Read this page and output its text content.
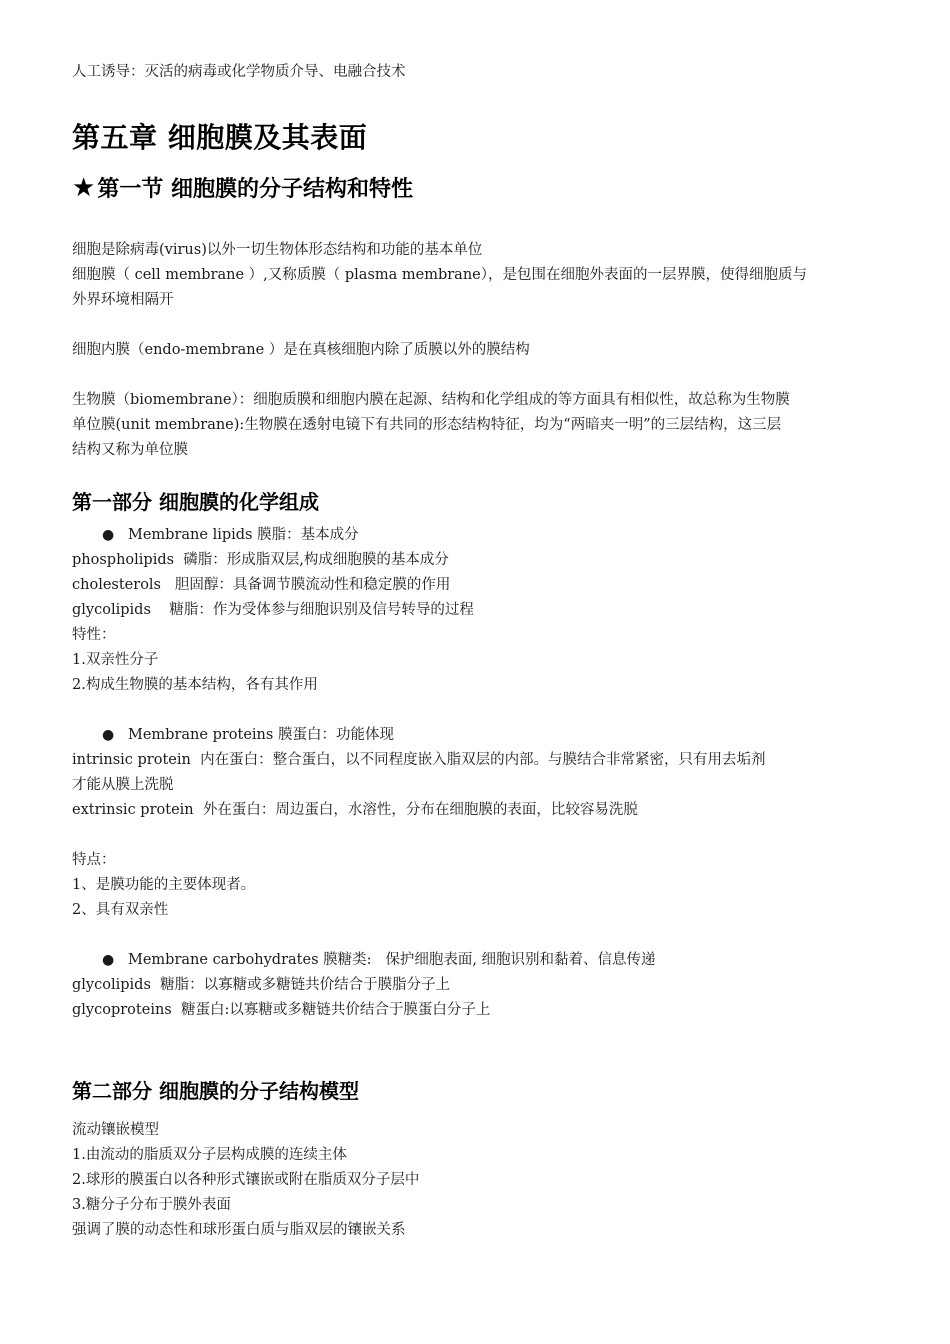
人工诱导：灭活的病毒或化学物质介导、电融合技术
第五章 细胞膜及其表面
★第一节 细胞膜的分子结构和特性
细胞是除病毒(virus)以外一切生物体形态结构和功能的基本单位
细胞膜（ cell membrane ）,又称质膜（ plasma membrane），是包围在细胞外表面的一层界膜，使得细胞质与
外界环境相隔开
细胞内膜（endo-membrane ）是在真核细胞内除了质膜以外的膜结构
生物膜（biomembrane）：细胞质膜和细胞内膜在起源、结构和化学组成的等方面具有相似性，故总称为生物膜
单位膜(unit membrane):生物膜在透射电镜下有共同的形态结构特征，均为“两暗夹一明”的三层结构，这三层
结构又称为单位膜
第一部分 细胞膜的化学组成
● Membrane lipids 膜脂：基本成分
phospholipids  磷脂：形成脂双层,构成细胞膜的基本成分
cholesterols   胆固醇：具备调节膜流动性和稳定膜的作用
glycolipids    糖脂：作为受体参与细胞识别及信号转导的过程
特性：
1.双亲性分子
2.构成生物膜的基本结构，各有其作用
● Membrane proteins 膜蛋白：功能体现
intrinsic protein  内在蛋白：整合蛋白，以不同程度嵌入脂双层的内部。与膜结合非常紧密，只有用去垢剂
才能从膜上洗脱
extrinsic protein  外在蛋白：周边蛋白，水溶性，分布在细胞膜的表面，比较容易洗脱
特点：
1、是膜功能的主要体现者。
2、具有双亲性
● Membrane carbohydrates 膜糖类:   保护细胞表面, 细胞识别和黏着、信息传递
glycolipids  糖脂：以寡糖或多糖链共价结合于膜脂分子上
glycoproteins  糖蛋白:以寡糖或多糖链共价结合于膜蛋白分子上
第二部分 细胞膜的分子结构模型
流动镶嵌模型
1.由流动的脂质双分子层构成膜的连续主体
2.球形的膜蛋白以各种形式镶嵌或附在脂质双分子层中
3.糖分子分布于膜外表面
强调了膜的动态性和球形蛋白质与脂双层的镶嵌关系
